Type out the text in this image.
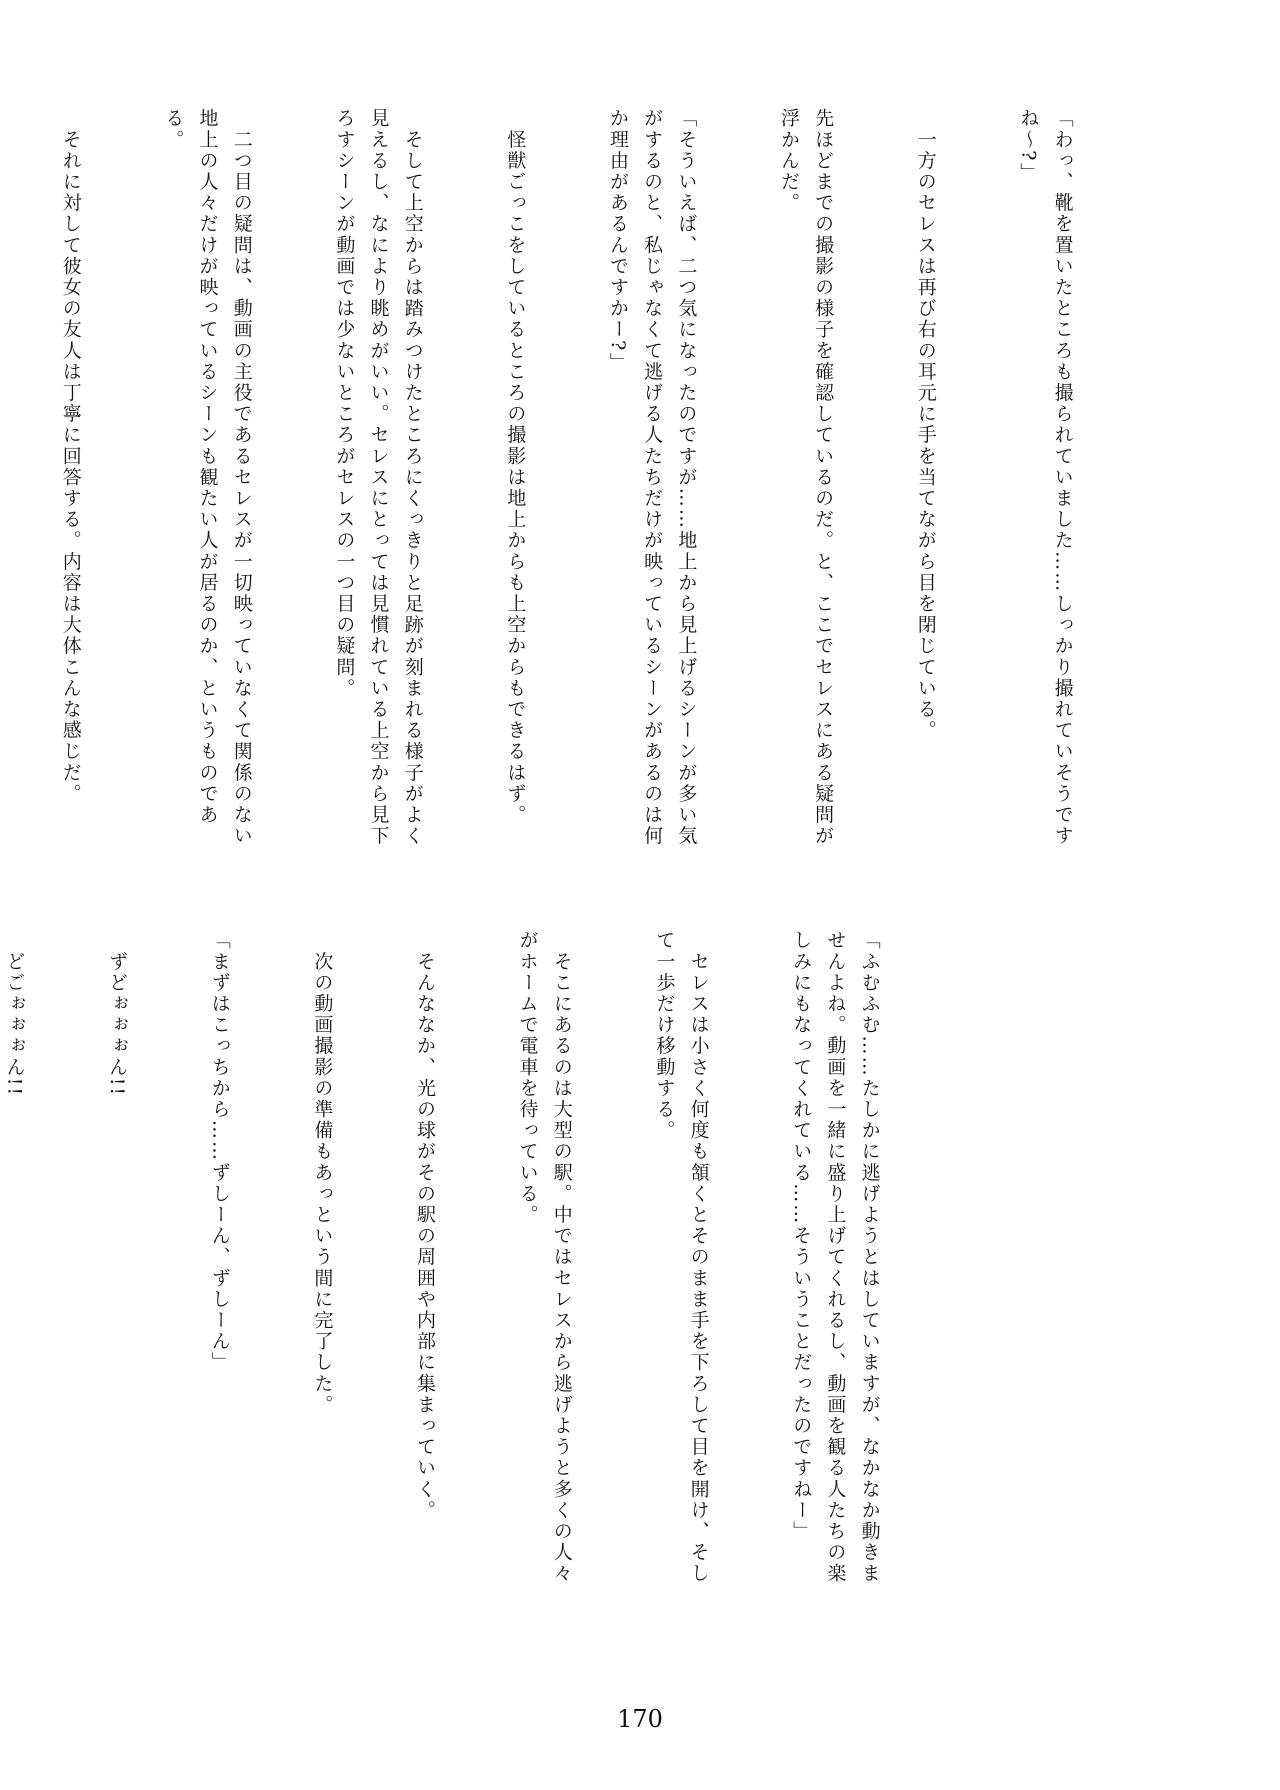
「わっ、靴を置いたところも撮られていました……しっかり撮れていそうですね〜?」

　一方のセレスは再び右の耳元に手を当てながら目を閉じている。

先ほどまでの撮影の様子を確認しているのだ。と、ここでセレスにある疑問が浮かんだ。

「そういえば、二つ気になったのですが……地上から見上げるシーンが多い気がするのと、私じゃなくて逃げる人たちだけが映っているシーンがあるのは何か理由があるんですかー?」

　怪獣ごっこをしているところの撮影は地上からも上空からもできるはず。

　そして上空からは踏みつけたところにくっきりと足跡が刻まれる様子がよく見えるし、なにより眺めがいい。セレスにとっては見慣れている上空から見下ろすシーンが動画では少ないところがセレスの一つ目の疑問。

　二つ目の疑問は、動画の主役であるセレスが一切映っていなくて関係のない地上の人々だけが映っているシーンも観たい人が居るのか、というものである。

　それに対して彼女の友人は丁寧に回答する。内容は大体こんな感じだ。

「ふむふむ……たしかに逃げようとはしていますが、なかなか動きませんよね。動画を一緒に盛り上げてくれるし、動画を観る人たちの楽しみにもなってくれている……そういうことだったのですねー」

　セレスは小さく何度も頷くとそのまま手を下ろして目を開け、そして一歩だけ移動する。

　そこにあるのは大型の駅。中ではセレスから逃げようと多くの人々がホームで電車を待っている。

　そんななか、光の球がその駅の周囲や内部に集まっていく。

　次の動画撮影の準備もあっという間に完了した。

「まずはこっちから……ずしーん、ずしーん」

　ずどぉぉぉん!!

　どごぉぉぉん!!

170
